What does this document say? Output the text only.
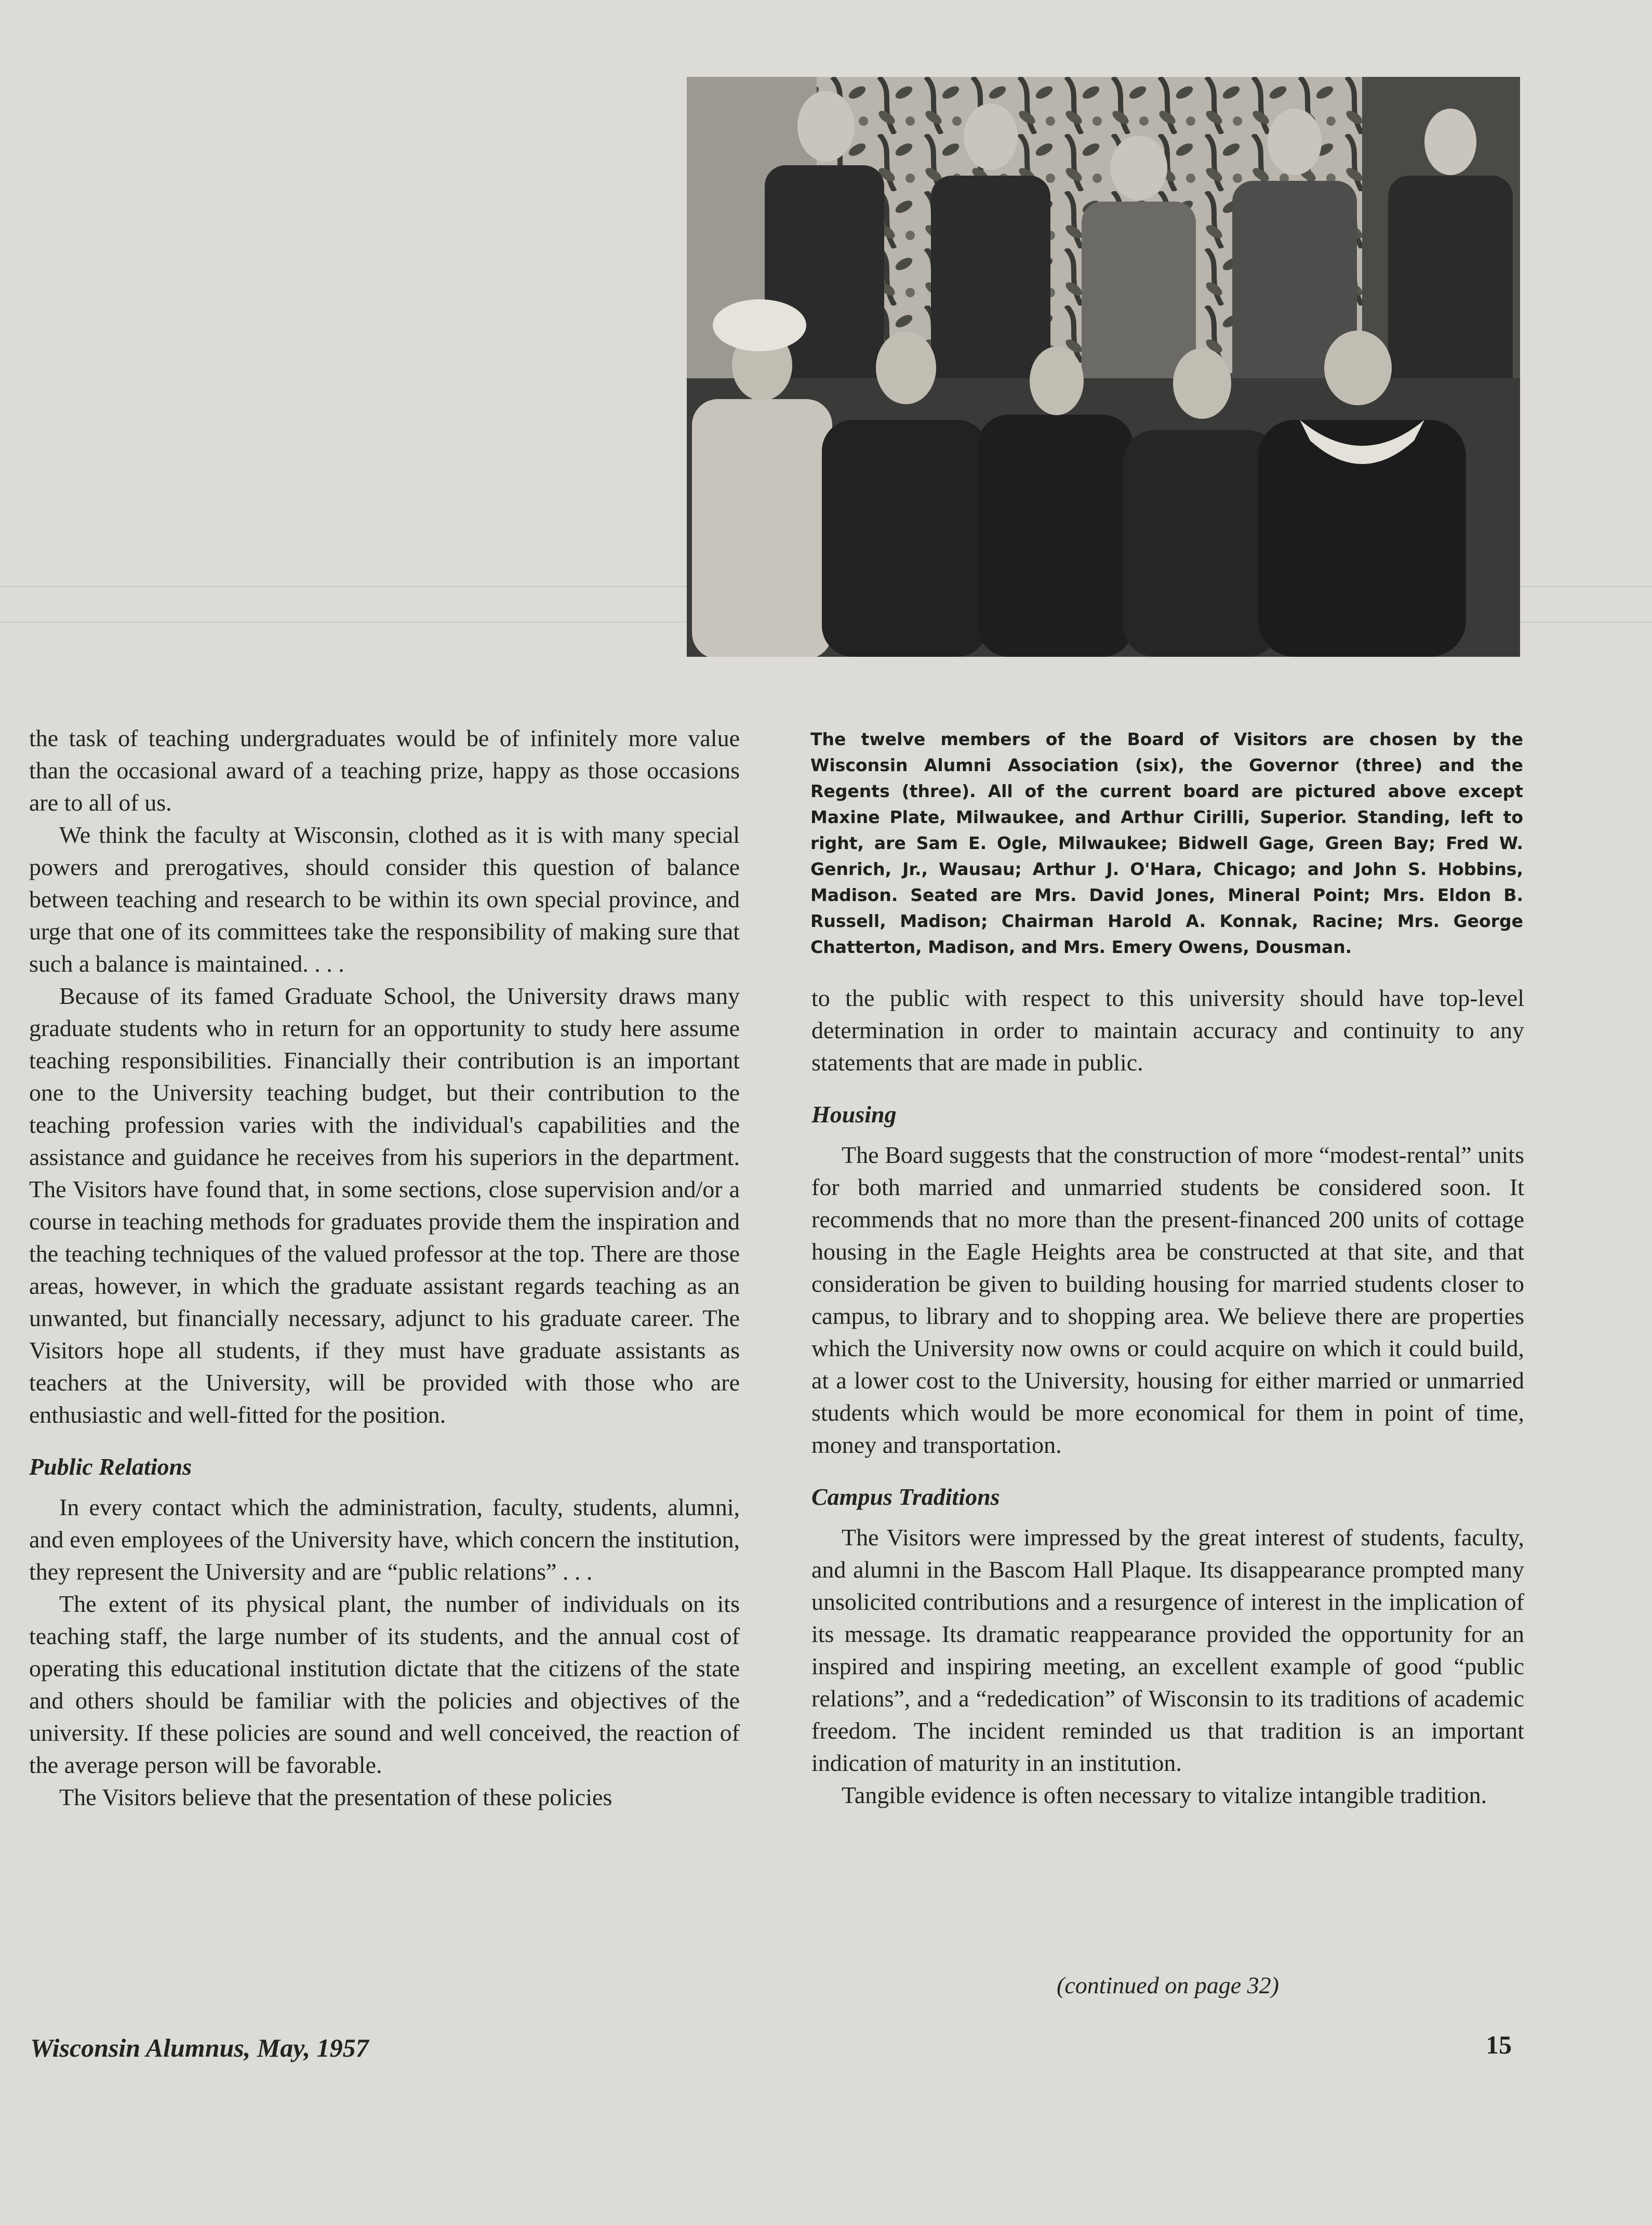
The twelve members of the Board of Visitors are chosen by the Wisconsin Alumni Association (six), the Governor (three) and the Regents (three). All of the current board are pictured above except Maxine Plate, Milwaukee, and Arthur Cirilli, Superior. Standing, left to right, are Sam E. Ogle, Milwaukee; Bidwell Gage, Green Bay; Fred W. Genrich, Jr., Wausau; Arthur J. O'Hara, Chicago; and John S. Hobbins, Madison. Seated are Mrs. David Jones, Mineral Point; Mrs. Eldon B. Russell, Madison; Chairman Harold A. Konnak, Racine; Mrs. George Chatterton, Madison, and Mrs. Emery Owens, Dousman.

the task of teaching undergraduates would be of infinitely more value than the occasional award of a teaching prize, happy as those occasions are to all of us.

We think the faculty at Wisconsin, clothed as it is with many special powers and prerogatives, should consider this question of balance between teaching and research to be within its own special province, and urge that one of its committees take the responsibility of making sure that such a balance is maintained. . . .

Because of its famed Graduate School, the University draws many graduate students who in return for an opportunity to study here assume teaching responsibilities. Financially their contribution is an important one to the University teaching budget, but their contribution to the teaching profession varies with the individual's capabilities and the assistance and guidance he receives from his superiors in the department. The Visitors have found that, in some sections, close supervision and/or a course in teaching methods for graduates provide them the inspiration and the teaching techniques of the valued professor at the top. There are those areas, however, in which the graduate assistant regards teaching as an unwanted, but financially necessary, adjunct to his graduate career. The Visitors hope all students, if they must have graduate assistants as teachers at the University, will be provided with those who are enthusiastic and well-fitted for the position.

Public Relations

In every contact which the administration, faculty, students, alumni, and even employees of the University have, which concern the institution, they represent the University and are “public relations” . . .

The extent of its physical plant, the number of individuals on its teaching staff, the large number of its students, and the annual cost of operating this educational institution dictate that the citizens of the state and others should be familiar with the policies and objectives of the university. If these policies are sound and well conceived, the reaction of the average person will be favorable.

The Visitors believe that the presentation of these policies

to the public with respect to this university should have top-level determination in order to maintain accuracy and continuity to any statements that are made in public.

Housing

The Board suggests that the construction of more “modest-rental” units for both married and unmarried students be considered soon. It recommends that no more than the present-financed 200 units of cottage housing in the Eagle Heights area be constructed at that site, and that consideration be given to building housing for married students closer to campus, to library and to shopping area. We believe there are properties which the University now owns or could acquire on which it could build, at a lower cost to the University, housing for either married or unmarried students which would be more economical for them in point of time, money and transportation.

Campus Traditions

The Visitors were impressed by the great interest of students, faculty, and alumni in the Bascom Hall Plaque. Its disappearance prompted many unsolicited contributions and a resurgence of interest in the implication of its message. Its dramatic reappearance provided the opportunity for an inspired and inspiring meeting, an excellent example of good “public relations”, and a “rededication” of Wisconsin to its traditions of academic freedom. The incident reminded us that tradition is an important indication of maturity in an institution.

Tangible evidence is often necessary to vitalize intangible tradition.

(continued on page 32)
Wisconsin Alumnus, May, 1957	15
